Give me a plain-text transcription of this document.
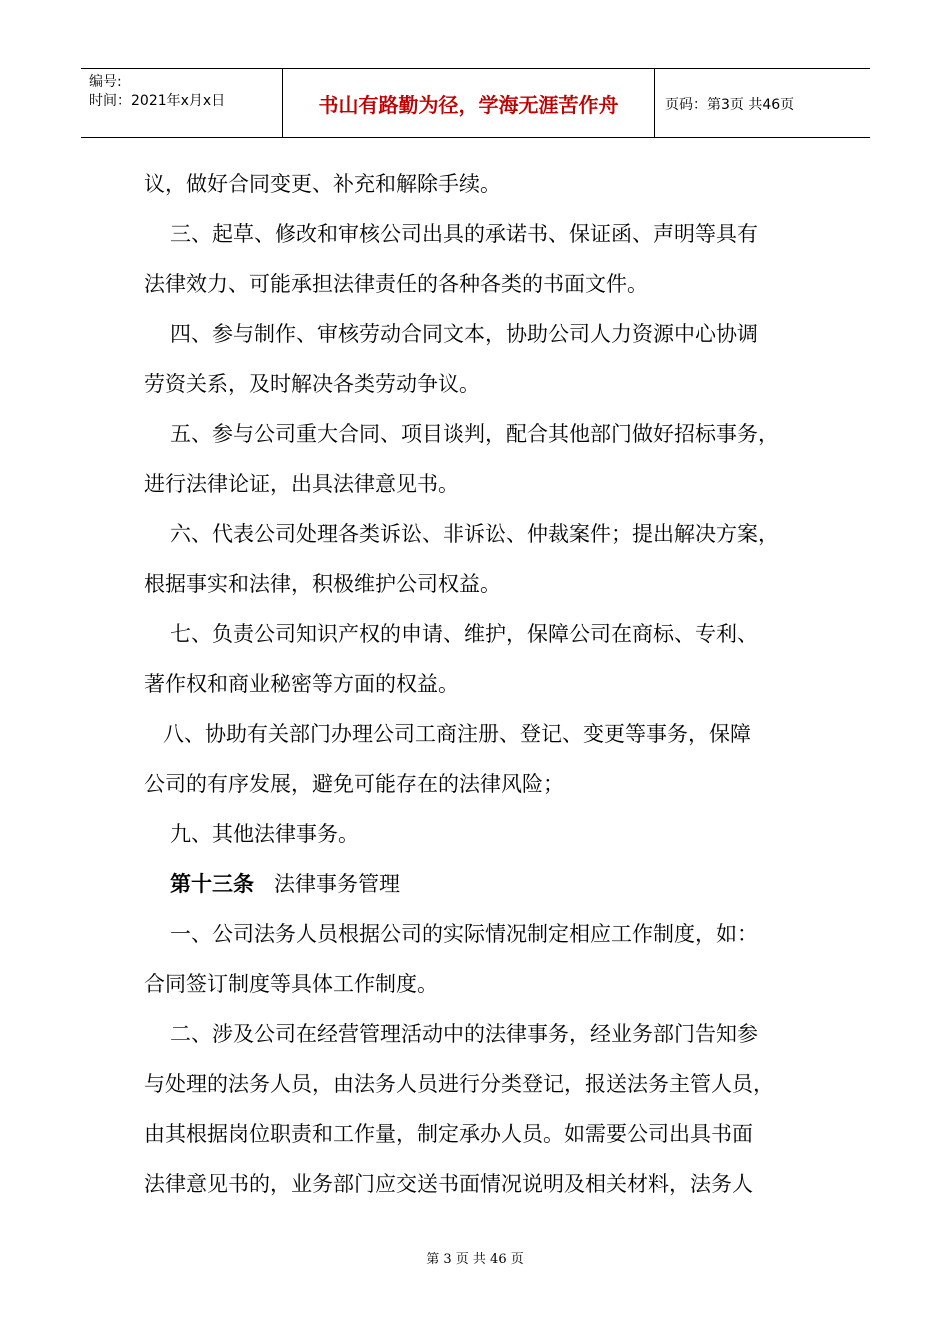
编号:
时间：2021年x月x日	书山有路勤为径，学海无涯苦作舟	页码：第3页 共46页
议，做好合同变更、补充和解除手续。
三、起草、修改和审核公司出具的承诺书、保证函、声明等具有
法律效力、可能承担法律责任的各种各类的书面文件。
四、参与制作、审核劳动合同文本，协助公司人力资源中心协调
劳资关系，及时解决各类劳动争议。
五、参与公司重大合同、项目谈判，配合其他部门做好招标事务，
进行法律论证，出具法律意见书。
六、代表公司处理各类诉讼、非诉讼、仲裁案件；提出解决方案，
根据事实和法律，积极维护公司权益。
七、负责公司知识产权的申请、维护，保障公司在商标、专利、
著作权和商业秘密等方面的权益。
八、协助有关部门办理公司工商注册、登记、变更等事务，保障
公司的有序发展，避免可能存在的法律风险；
九、其他法律事务。
第十三条 法律事务管理
一、公司法务人员根据公司的实际情况制定相应工作制度，如：
合同签订制度等具体工作制度。
二、涉及公司在经营管理活动中的法律事务，经业务部门告知参
与处理的法务人员，由法务人员进行分类登记，报送法务主管人员，
由其根据岗位职责和工作量，制定承办人员。如需要公司出具书面
法律意见书的，业务部门应交送书面情况说明及相关材料，法务人
第 3 页 共 46 页
